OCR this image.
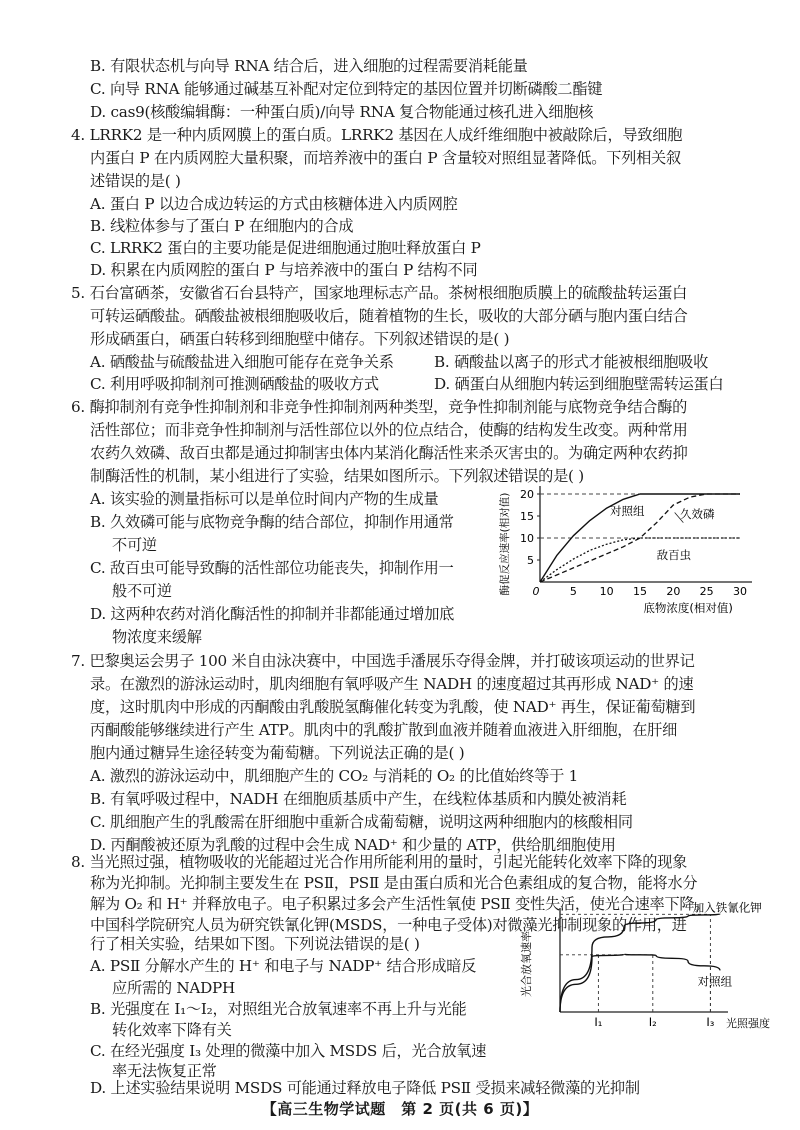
B. 有限状态机与向导 RNA 结合后，进入细胞的过程需要消耗能量
C. 向导 RNA 能够通过碱基互补配对定位到特定的基因位置并切断磷酸二酯键
D. cas9(核酸编辑酶：一种蛋白质)/向导 RNA 复合物能通过核孔进入细胞核
4. LRRK2 是一种内质网膜上的蛋白质。LRRK2 基因在人成纤维细胞中被敲除后，导致细胞
内蛋白 P 在内质网腔大量积聚，而培养液中的蛋白 P 含量较对照组显著降低。下列相关叙
述错误的是( )
A. 蛋白 P 以边合成边转运的方式由核糖体进入内质网腔
B. 线粒体参与了蛋白 P 在细胞内的合成
C. LRRK2 蛋白的主要功能是促进细胞通过胞吐释放蛋白 P
D. 积累在内质网腔的蛋白 P 与培养液中的蛋白 P 结构不同
5. 石台富硒茶，安徽省石台县特产，国家地理标志产品。茶树根细胞质膜上的硫酸盐转运蛋白
可转运硒酸盐。硒酸盐被根细胞吸收后，随着植物的生长，吸收的大部分硒与胞内蛋白结合
形成硒蛋白，硒蛋白转移到细胞壁中储存。下列叙述错误的是( )
A. 硒酸盐与硫酸盐进入细胞可能存在竞争关系	B. 硒酸盐以离子的形式才能被根细胞吸收
C. 利用呼吸抑制剂可推测硒酸盐的吸收方式	D. 硒蛋白从细胞内转运到细胞壁需转运蛋白
6. 酶抑制剂有竞争性抑制剂和非竞争性抑制剂两种类型，竞争性抑制剂能与底物竞争结合酶的
活性部位；而非竞争性抑制剂与活性部位以外的位点结合，使酶的结构发生改变。两种常用
农药久效磷、敌百虫都是通过抑制害虫体内某消化酶活性来杀灭害虫的。为确定两种农药抑
制酶活性的机制，某小组进行了实验，结果如图所示。下列叙述错误的是( )
A. 该实验的测量指标可以是单位时间内产物的生成量
B. 久效磷可能与底物竞争酶的结合部位，抑制作用通常
不可逆
C. 敌百虫可能导致酶的活性部位功能丧失，抑制作用一
般不可逆
D. 这两种农药对消化酶活性的抑制并非都能通过增加底
物浓度来缓解
5
10
15
20
0	5 10 15 20 25 30
对照组	久效磷
敌百虫
底物浓度(相对值)
酶促反应速率(相对值)
7. 巴黎奥运会男子 100 米自由泳决赛中，中国选手潘展乐夺得金牌，并打破该项运动的世界记
录。在激烈的游泳运动时，肌肉细胞有氧呼吸产生 NADH 的速度超过其再形成 NAD⁺ 的速
度，这时肌肉中形成的丙酮酸由乳酸脱氢酶催化转变为乳酸，使 NAD⁺ 再生，保证葡萄糖到
丙酮酸能够继续进行产生 ATP。肌肉中的乳酸扩散到血液并随着血液进入肝细胞，在肝细
胞内通过糖异生途径转变为葡萄糖。下列说法正确的是( )
A. 激烈的游泳运动中，肌细胞产生的 CO₂ 与消耗的 O₂ 的比值始终等于 1
B. 有氧呼吸过程中，NADH 在细胞质基质中产生，在线粒体基质和内膜处被消耗
C. 肌细胞产生的乳酸需在肝细胞中重新合成葡萄糖，说明这两种细胞内的核酸相同
D. 丙酮酸被还原为乳酸的过程中会生成 NAD⁺ 和少量的 ATP，供给肌细胞使用
8. 当光照过强，植物吸收的光能超过光合作用所能利用的量时，引起光能转化效率下降的现象
称为光抑制。光抑制主要发生在 PSⅡ，PSⅡ 是由蛋白质和光合色素组成的复合物，能将水分
解为 O₂ 和 H⁺ 并释放电子。电子积累过多会产生活性氧使 PSⅡ 变性失活，使光合速率下降。
中国科学院研究人员为研究铁氰化钾(MSDS，一种电子受体)对微藻光抑制现象的作用，进
行了相关实验，结果如下图。下列说法错误的是( )
A. PSⅡ 分解水产生的 H⁺ 和电子与 NADP⁺ 结合形成暗反
应所需的 NADPH
B. 光强度在 I₁～I₂，对照组光合放氧速率不再上升与光能
转化效率下降有关
C. 在经光强度 I₃ 处理的微藻中加入 MSDS 后，光合放氧速
加入铁氰化钾
对照组
I₁	I₂	I₃ 光照强度
光合放氧速率
【高三生物学试题　第 2 页(共 6 页)】
率无法恢复正常
D. 上述实验结果说明 MSDS 可能通过释放电子降低 PSⅡ 受损来减轻微藻的光抑制
